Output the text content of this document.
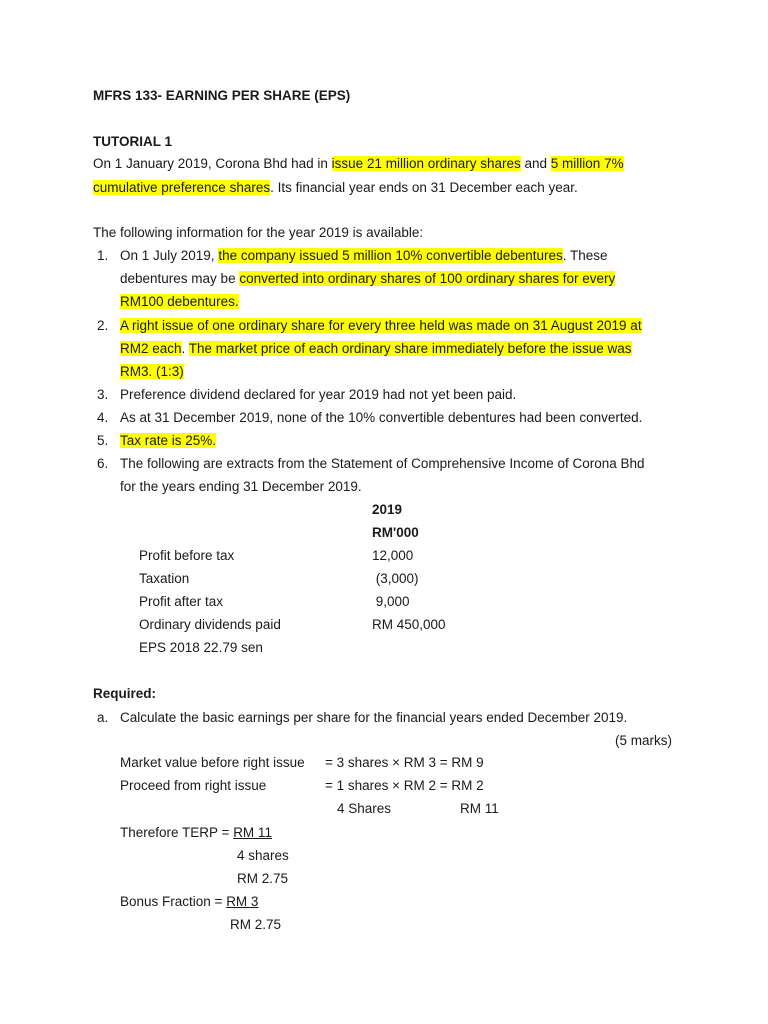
MFRS 133- EARNING PER SHARE (EPS)
TUTORIAL 1
On 1 January 2019, Corona Bhd had in issue 21 million ordinary shares and 5 million 7%
cumulative preference shares. Its financial year ends on 31 December each year.
The following information for the year 2019 is available:
1. On 1 July 2019, the company issued 5 million 10% convertible debentures. These
debentures may be converted into ordinary shares of 100 ordinary shares for every
RM100 debentures.
2. A right issue of one ordinary share for every three held was made on 31 August 2019 at
RM2 each. The market price of each ordinary share immediately before the issue was
RM3. (1:3)
3. Preference dividend declared for year 2019 had not yet been paid.
4. As at 31 December 2019, none of the 10% convertible debentures had been converted.
5. Tax rate is 25%.
6. The following are extracts from the Statement of Comprehensive Income of Corona Bhd
for the years ending 31 December 2019.
2019
RM'000
Profit before tax	12,000
Taxation	(3,000)
Profit after tax	9,000
Ordinary dividends paid	RM 450,000
EPS 2018 22.79 sen
Required:
a. Calculate the basic earnings per share for the financial years ended December 2019.
(5 marks)
Market value before right issue = 3 shares × RM 3 = RM 9
Proceed from right issue	= 1 shares × RM 2 = RM 2
4 Shares	RM 11
Therefore TERP = RM 11
4 shares
RM 2.75
Bonus Fraction = RM 3
RM 2.75
